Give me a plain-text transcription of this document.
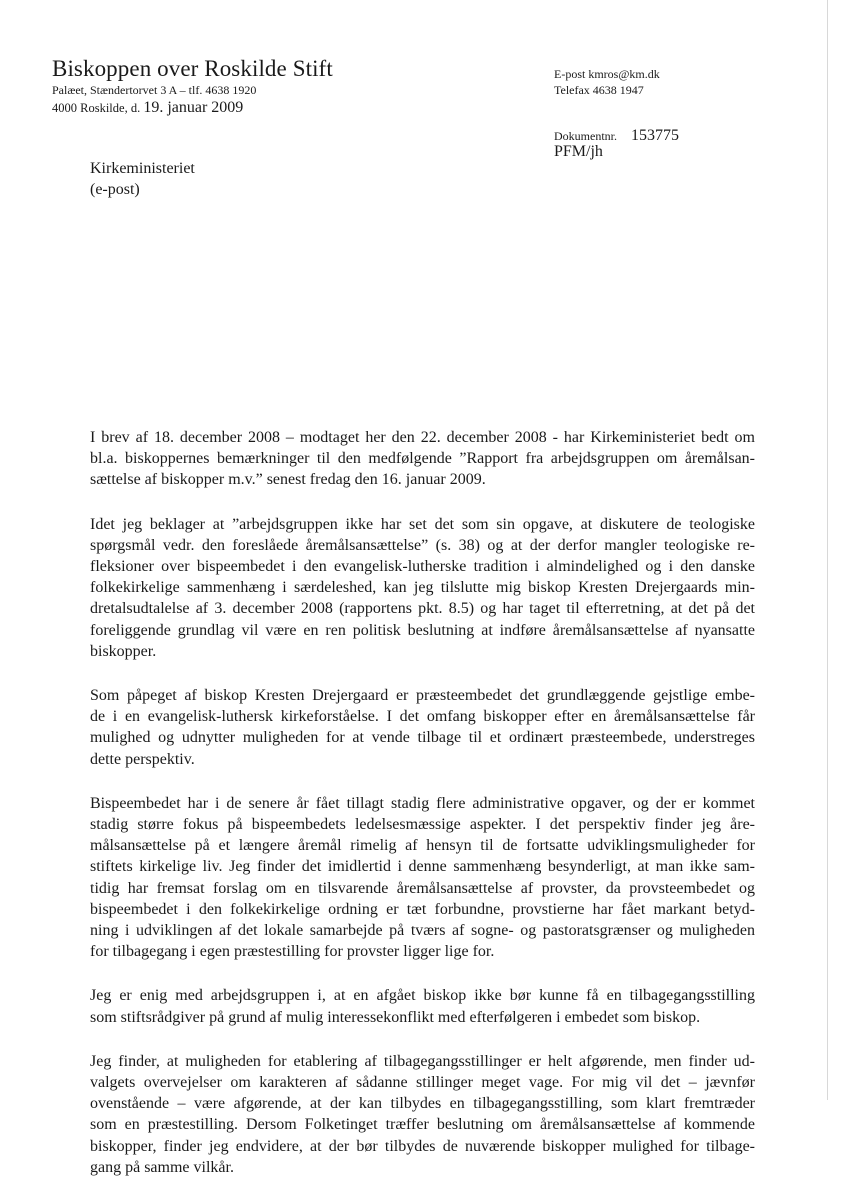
Biskoppen over Roskilde Stift
Palæet, Stændertorvet 3 A – tlf. 4638 1920
4000 Roskilde, d. 19. januar 2009
E-post kmros@km.dk
Telefax 4638 1947
Dokumentnr. 153775
PFM/jh
Kirkeministeriet
(e-post)
I brev af 18. december 2008 – modtaget her den 22. december 2008 - har Kirkeministeriet bedt om
bl.a. biskoppernes bemærkninger til den medfølgende ”Rapport fra arbejdsgruppen om åremålsan-
sættelse af biskopper m.v.” senest fredag den 16. januar 2009.
Idet jeg beklager at ”arbejdsgruppen ikke har set det som sin opgave, at diskutere de teologiske
spørgsmål vedr. den foreslåede åremålsansættelse” (s. 38) og at der derfor mangler teologiske re-
fleksioner over bispeembedet i den evangelisk-lutherske tradition i almindelighed og i den danske
folkekirkelige sammenhæng i særdeleshed, kan jeg tilslutte mig biskop Kresten Drejergaards min-
dretalsudtalelse af 3. december 2008 (rapportens pkt. 8.5) og har taget til efterretning, at det på det
foreliggende grundlag vil være en ren politisk beslutning at indføre åremålsansættelse af nyansatte
biskopper.
Som påpeget af biskop Kresten Drejergaard er præsteembedet det grundlæggende gejstlige embe-
de i en evangelisk-luthersk kirkeforståelse. I det omfang biskopper efter en åremålsansættelse får
mulighed og udnytter muligheden for at vende tilbage til et ordinært præsteembede, understreges
dette perspektiv.
Bispeembedet har i de senere år fået tillagt stadig flere administrative opgaver, og der er kommet
stadig større fokus på bispeembedets ledelsesmæssige aspekter. I det perspektiv finder jeg åre-
målsansættelse på et længere åremål rimelig af hensyn til de fortsatte udviklingsmuligheder for
stiftets kirkelige liv. Jeg finder det imidlertid i denne sammenhæng besynderligt, at man ikke sam-
tidig har fremsat forslag om en tilsvarende åremålsansættelse af provster, da provsteembedet og
bispeembedet i den folkekirkelige ordning er tæt forbundne, provstierne har fået markant betyd-
ning i udviklingen af det lokale samarbejde på tværs af sogne- og pastoratsgrænser og muligheden
for tilbagegang i egen præstestilling for provster ligger lige for.
Jeg er enig med arbejdsgruppen i, at en afgået biskop ikke bør kunne få en tilbagegangsstilling
som stiftsrådgiver på grund af mulig interessekonflikt med efterfølgeren i embedet som biskop.
Jeg finder, at muligheden for etablering af tilbagegangsstillinger er helt afgørende, men finder ud-
valgets overvejelser om karakteren af sådanne stillinger meget vage. For mig vil det – jævnfør
ovenstående – være afgørende, at der kan tilbydes en tilbagegangsstilling, som klart fremtræder
som en præstestilling. Dersom Folketinget træffer beslutning om åremålsansættelse af kommende
biskopper, finder jeg endvidere, at der bør tilbydes de nuværende biskopper mulighed for tilbage-
gang på samme vilkår.
